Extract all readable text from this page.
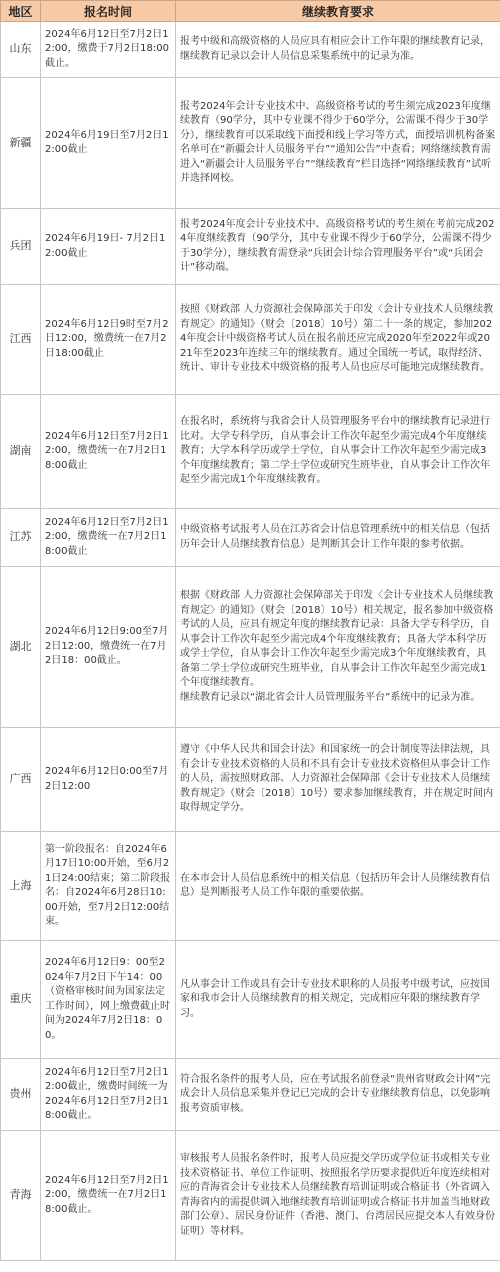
地区	报名时间	继续教育要求
山东	2024年6月12日至7月2日12:00，缴费于7月2日18:00截止。	报考中级和高级资格的人员应具有相应会计工作年限的继续教育记录，继续教育记录以会计人员信息采集系统中的记录为准。

新疆	2024年6月19日至7月2日12:00截止	报考2024年会计专业技术中、高级资格考试的考生须完成2023年度继续教育（90学分，其中专业课不得少于60学分，公需课不得少于30学分），继续教育可以采取线下面授和线上学习等方式，面授培训机构备案名单可在“新疆会计人员服务平台”“通知公告”中查看；网络继续教育需进入“新疆会计人员服务平台”“继续教育”栏目选择“网络继续教育”试听并选择网校。

兵团	2024年6月19日- 7月2日12:00截止	报考2024年度会计专业技术中、高级资格考试的考生须在考前完成2024年度继续教育（90学分，其中专业课不得少于60学分，公需课不得少于30学分），继续教育需登录“兵团会计综合管理服务平台”或“兵团会计”移动端。

江西	2024年6月12日9时至7月2日12:00，缴费统一在7月2日18:00截止	按照《财政部 人力资源社会保障部关于印发〈会计专业技术人员继续教育规定〉的通知》（财会〔2018〕10号）第二十一条的规定，参加2024年度会计中级资格考试人员在报名前还应完成2020年至2022年或2021年至2023年连续三年的继续教育。通过全国统一考试，取得经济、统计、审计专业技术中级资格的报考人员也应尽可能地完成继续教育。

湖南	2024年6月12日至7月2日12:00，缴费统一在7月2日18:00截止	在报名时，系统将与我省会计人员管理服务平台中的继续教育记录进行比对。大学专科学历，自从事会计工作次年起至少需完成4个年度继续教育；大学本科学历或学士学位，自从事会计工作次年起至少需完成3个年度继续教育；第二学士学位或研究生班毕业，自从事会计工作次年起至少需完成1个年度继续教育。

江苏	2024年6月12日至7月2日12:00，缴费统一在7月2日18:00截止	中级资格考试报考人员在江苏省会计信息管理系统中的相关信息（包括历年会计人员继续教育信息）是判断其会计工作年限的参考依据。

湖北	2024年6月12日9:00至7月2日12:00，缴费统一在7月2日18：00截止。	根据《财政部 人力资源社会保障部关于印发〈会计专业技术人员继续教育规定〉的通知》（财会〔2018〕10号）相关规定，报名参加中级资格考试的人员，应具有规定年度的继续教育记录：具备大学专科学历，自从事会计工作次年起至少需完成4个年度继续教育；具备大学本科学历或学士学位，自从事会计工作次年起至少需完成3个年度继续教育，具备第二学士学位或研究生班毕业，自从事会计工作次年起至少需完成1个年度继续教育。

继续教育记录以“湖北省会计人员管理服务平台”系统中的记录为准。

广西	2024年6月12日0:00至7月2日12:00	遵守《中华人民共和国会计法》和国家统一的会计制度等法律法规，具有会计专业技术资格的人员和不具有会计专业技术资格但从事会计工作的人员，需按照财政部、人力资源社会保障部《会计专业技术人员继续教育规定》（财会〔2018〕10号）要求参加继续教育，并在规定时间内取得规定学分。

上海	第一阶段报名：自2024年6月17日10:00开始，至6月21日24:00结束；第二阶段报名：自2024年6月28日10:00开始，至7月2日12:00结束。	在本市会计人员信息系统中的相关信息（包括历年会计人员继续教育信息）是判断报考人员工作年限的重要依据。

重庆	2024年6月12日9：00至2024年7月2日下午14：00（资格审核时间为国家法定工作时间），网上缴费截止时间为2024年7月2日18：00。	凡从事会计工作或具有会计专业技术职称的人员报考中级考试，应按国家和我市会计人员继续教育的相关规定，完成相应年限的继续教育学习。

贵州	2024年6月12日至7月2日12:00截止，缴费时间统一为2024年6月12日至7月2日18:00截止。	符合报名条件的报考人员，应在考试报名前登录“贵州省财政会计网”完成会计人员信息采集并登记已完成的会计专业继续教育信息，以免影响报考资质审核。

青海	2024年6月12日至7月2日12:00，缴费统一在7月2日18:00截止。	审核报考人员报名条件时，报考人员应提交学历或学位证书或相关专业技术资格证书、单位工作证明、按照报名学历要求提供近年度连续相对应的青海省会计专业技术人员继续教育培训证明或合格证书（外省调入青海省内的需提供调入地继续教育培训证明或合格证书并加盖当地财政部门公章）、居民身份证件（香港、澳门、台湾居民应提交本人有效身份证明）等材料。
